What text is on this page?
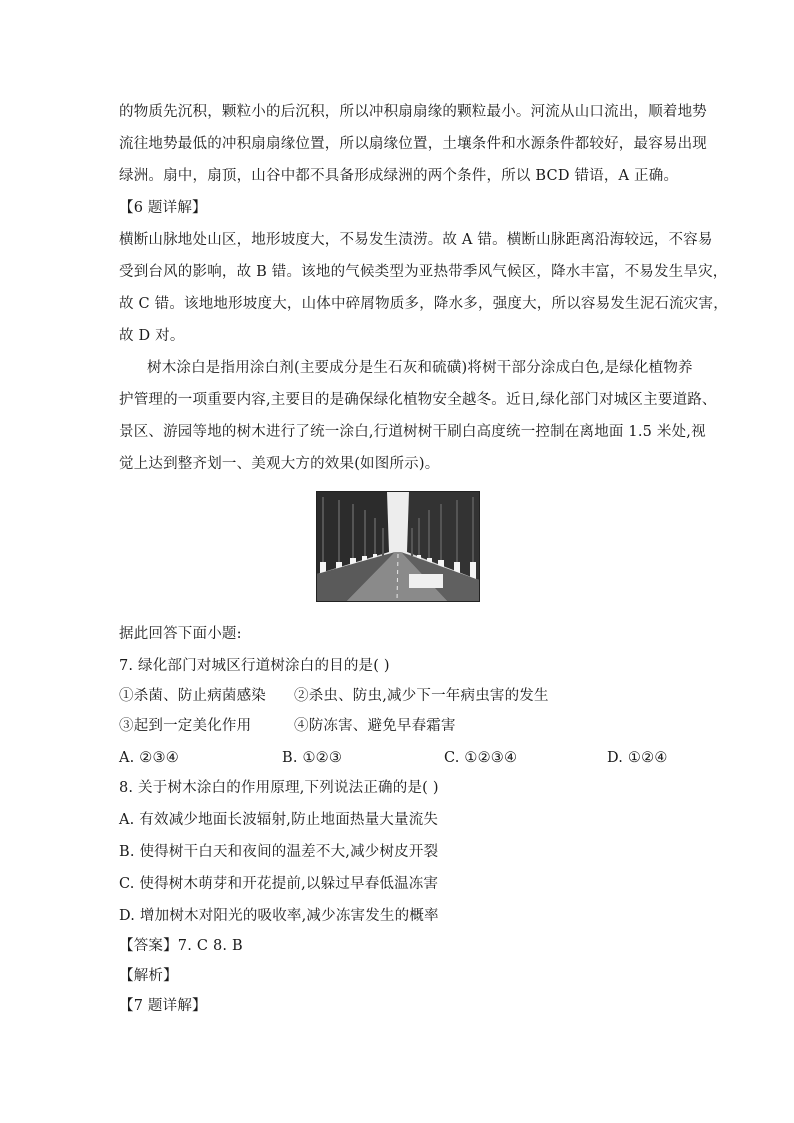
的物质先沉积，颗粒小的后沉积，所以冲积扇扇缘的颗粒最小。河流从山口流出，顺着地势
流往地势最低的冲积扇扇缘位置，所以扇缘位置，土壤条件和水源条件都较好，最容易出现
绿洲。扇中，扇顶，山谷中都不具备形成绿洲的两个条件，所以 BCD 错语，A 正确。
【6 题详解】
横断山脉地处山区，地形坡度大，不易发生渍涝。故 A 错。横断山脉距离沿海较远，不容易
受到台风的影响，故 B 错。该地的气候类型为亚热带季风气候区，降水丰富，不易发生旱灾，
故 C 错。该地地形坡度大，山体中碎屑物质多，降水多，强度大，所以容易发生泥石流灾害，
故 D 对。
树木涂白是指用涂白剂(主要成分是生石灰和硫磺)将树干部分涂成白色,是绿化植物养
护管理的一项重要内容,主要目的是确保绿化植物安全越冬。近日,绿化部门对城区主要道路、
景区、游园等地的树木进行了统一涂白,行道树树干刷白高度统一控制在离地面 1.5 米处,视
觉上达到整齐划一、美观大方的效果(如图所示)。
据此回答下面小题:
7. 绿化部门对城区行道树涂白的目的是( )
①杀菌、防止病菌感染 ②杀虫、防虫,减少下一年病虫害的发生
③起到一定美化作用	④防冻害、避免早春霜害
A. ②③④	B. ①②③	C. ①②③④	D. ①②④
8. 关于树木涂白的作用原理,下列说法正确的是( )
A. 有效减少地面长波辐射,防止地面热量大量流失
B. 使得树干白天和夜间的温差不大,减少树皮开裂
C. 使得树木萌芽和开花提前,以躲过早春低温冻害
D. 增加树木对阳光的吸收率,减少冻害发生的概率
【答案】7. C 8. B
【解析】
【7 题详解】
